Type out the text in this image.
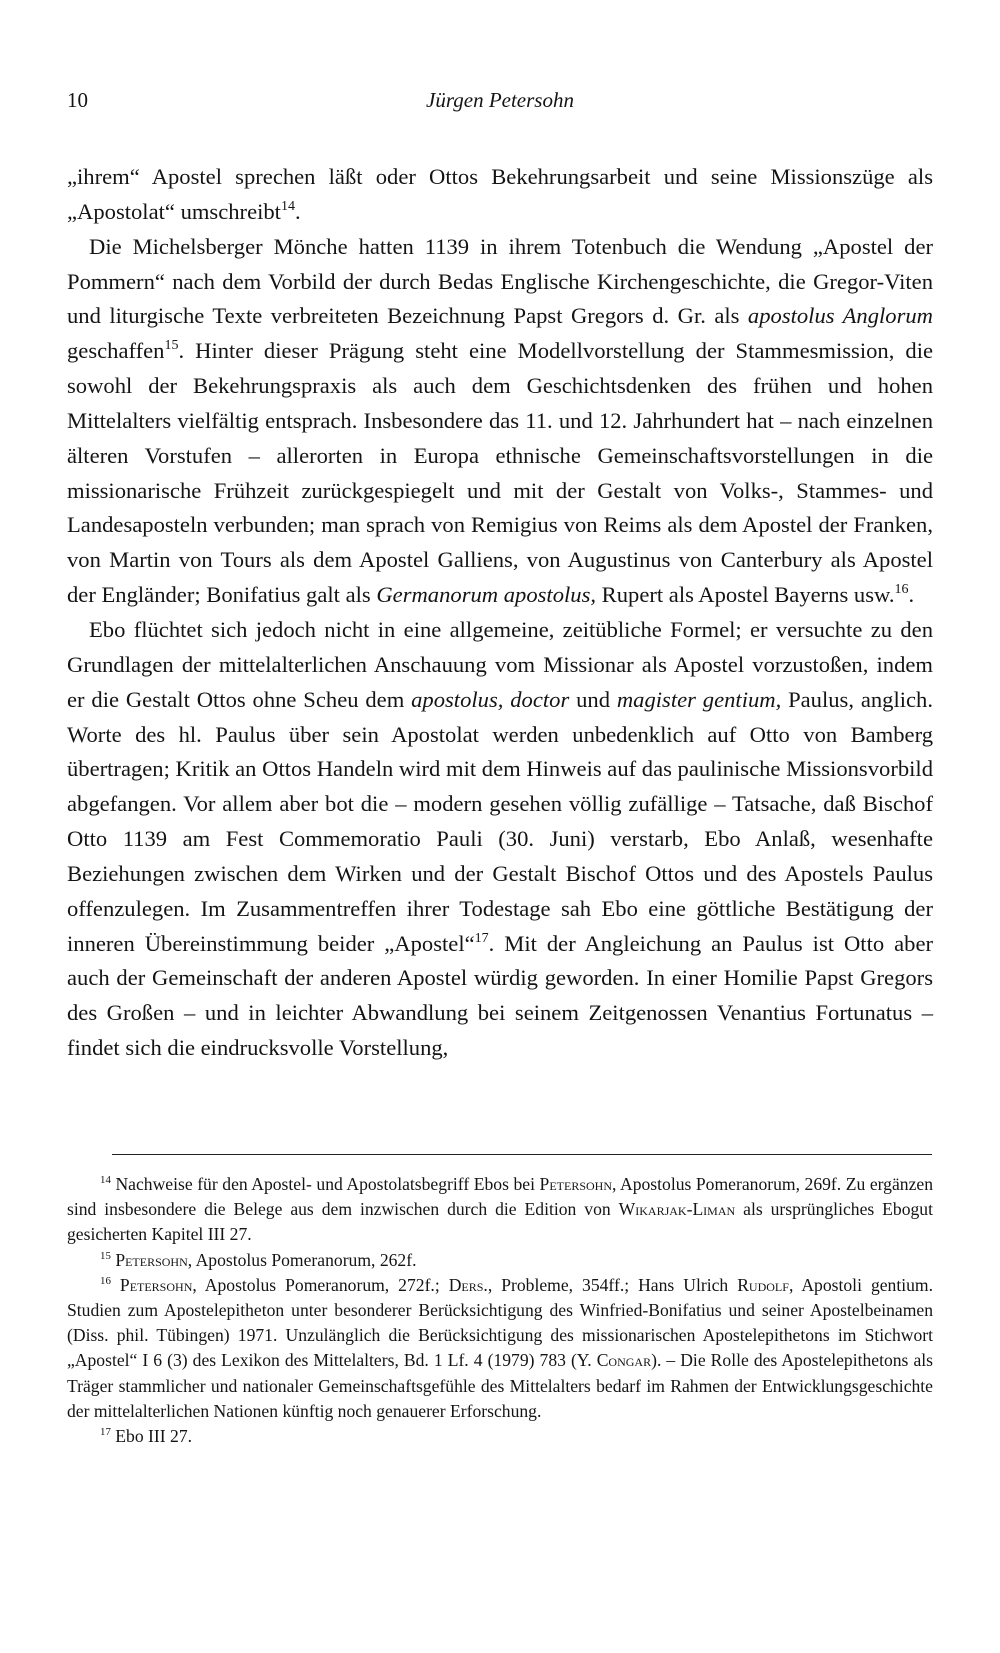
10	Jürgen Petersohn

„ihrem“ Apostel sprechen läßt oder Ottos Bekehrungsarbeit und seine Missionszüge als „Apostolat“ umschreibt$^{14}$.

Die Michelsberger Mönche hatten 1139 in ihrem Totenbuch die Wendung „Apostel der Pommern“ nach dem Vorbild der durch Bedas Englische Kirchengeschichte, die Gregor-Viten und liturgische Texte verbreiteten Bezeichnung Papst Gregors d. Gr. als apostolus Anglorum geschaffen$^{15}$. Hinter dieser Prägung steht eine Modellvorstellung der Stammesmission, die sowohl der Bekehrungspraxis als auch dem Geschichtsdenken des frühen und hohen Mittelalters vielfältig entsprach. Insbesondere das 11. und 12. Jahrhundert hat – nach einzelnen älteren Vorstufen – allerorten in Europa ethnische Gemeinschaftsvorstellungen in die missionarische Frühzeit zurückgespiegelt und mit der Gestalt von Volks-, Stammes- und Landesaposteln verbunden; man sprach von Remigius von Reims als dem Apostel der Franken, von Martin von Tours als dem Apostel Galliens, von Augustinus von Canterbury als Apostel der Engländer; Bonifatius galt als Germanorum apostolus, Rupert als Apostel Bayerns usw.$^{16}$.

Ebo flüchtet sich jedoch nicht in eine allgemeine, zeitübliche Formel; er versuchte zu den Grundlagen der mittelalterlichen Anschauung vom Missionar als Apostel vorzustoßen, indem er die Gestalt Ottos ohne Scheu dem apostolus, doctor und magister gentium, Paulus, anglich. Worte des hl. Paulus über sein Apostolat werden unbedenklich auf Otto von Bamberg übertragen; Kritik an Ottos Handeln wird mit dem Hinweis auf das paulinische Missionsvorbild abgefangen. Vor allem aber bot die – modern gesehen völlig zufällige – Tatsache, daß Bischof Otto 1139 am Fest Commemoratio Pauli (30. Juni) verstarb, Ebo Anlaß, wesenhafte Beziehungen zwischen dem Wirken und der Gestalt Bischof Ottos und des Apostels Paulus offenzulegen. Im Zusammentreffen ihrer Todestage sah Ebo eine göttliche Bestätigung der inneren Übereinstimmung beider „Apostel“$^{17}$. Mit der Angleichung an Paulus ist Otto aber auch der Gemeinschaft der anderen Apostel würdig geworden. In einer Homilie Papst Gregors des Großen – und in leichter Abwandlung bei seinem Zeitgenossen Venantius Fortunatus – findet sich die eindrucksvolle Vorstellung,

$^{14}$ Nachweise für den Apostel- und Apostolatsbegriff Ebos bei Petersohn, Apostolus Pomeranorum, 269f. Zu ergänzen sind insbesondere die Belege aus dem inzwischen durch die Edition von Wikarjak-Liman als ursprüngliches Ebogut gesicherten Kapitel III 27.

$^{15}$ Petersohn, Apostolus Pomeranorum, 262f.

$^{16}$ Petersohn, Apostolus Pomeranorum, 272f.; Ders., Probleme, 354ff.; Hans Ulrich Rudolf, Apostoli gentium. Studien zum Apostelepitheton unter besonderer Berücksichtigung des Winfried-Bonifatius und seiner Apostelbeinamen (Diss. phil. Tübingen) 1971. Unzulänglich die Berücksichtigung des missionarischen Apostelepithetons im Stichwort „Apostel“ I 6 (3) des Lexikon des Mittelalters, Bd. 1 Lf. 4 (1979) 783 (Y. Congar). – Die Rolle des Apostelepithetons als Träger stammlicher und nationaler Gemeinschaftsgefühle des Mittelalters bedarf im Rahmen der Entwicklungsgeschichte der mittelalterlichen Nationen künftig noch genauerer Erforschung.

$^{17}$ Ebo III 27.
